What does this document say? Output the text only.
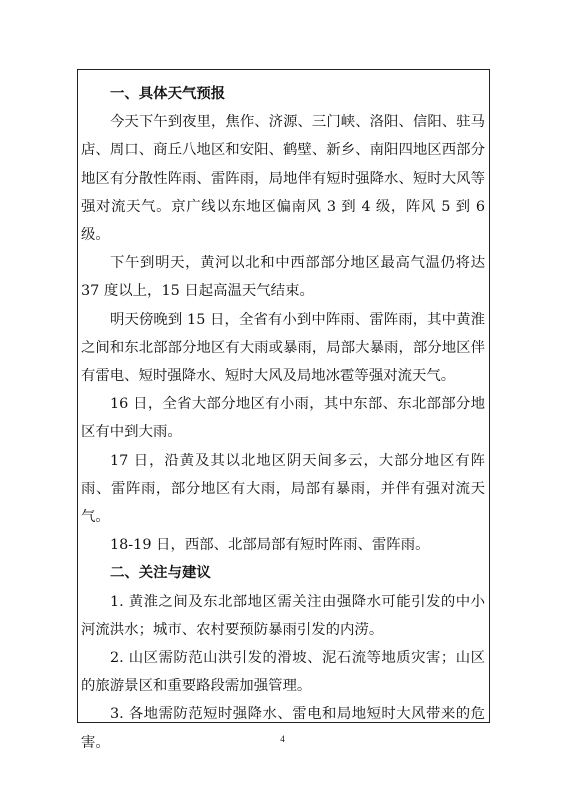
一、具体天气预报

今天下午到夜里，焦作、济源、三门峡、洛阳、信阳、驻马店、周口、商丘八地区和安阳、鹤壁、新乡、南阳四地区西部分地区有分散性阵雨、雷阵雨，局地伴有短时强降水、短时大风等强对流天气。京广线以东地区偏南风 3 到 4 级，阵风 5 到 6 级。

下午到明天，黄河以北和中西部部分地区最高气温仍将达 37 度以上，15 日起高温天气结束。

明天傍晚到 15 日，全省有小到中阵雨、雷阵雨，其中黄淮之间和东北部部分地区有大雨或暴雨，局部大暴雨，部分地区伴有雷电、短时强降水、短时大风及局地冰雹等强对流天气。

16 日，全省大部分地区有小雨，其中东部、东北部部分地区有中到大雨。

17 日，沿黄及其以北地区阴天间多云，大部分地区有阵雨、雷阵雨，部分地区有大雨，局部有暴雨，并伴有强对流天气。

18-19 日，西部、北部局部有短时阵雨、雷阵雨。

二、关注与建议

1. 黄淮之间及东北部地区需关注由强降水可能引发的中小河流洪水；城市、农村要预防暴雨引发的内涝。

2. 山区需防范山洪引发的滑坡、泥石流等地质灾害；山区的旅游景区和重要路段需加强管理。

3. 各地需防范短时强降水、雷电和局地短时大风带来的危害。	4
